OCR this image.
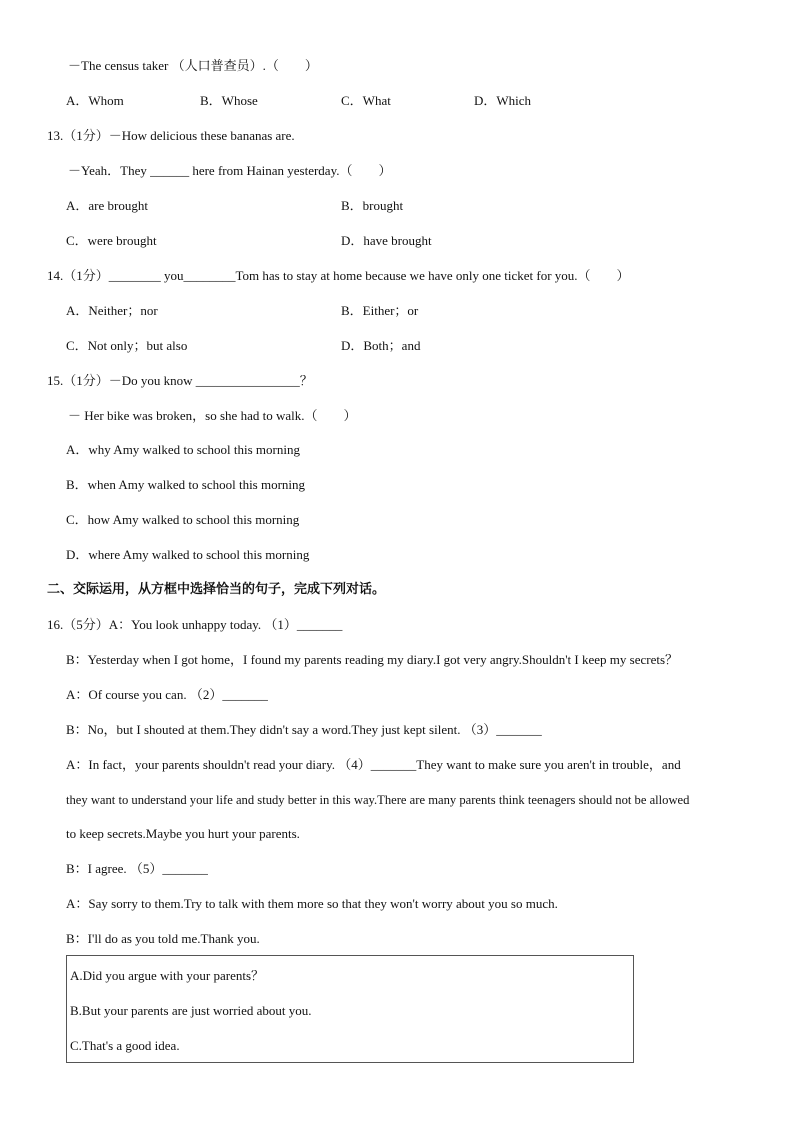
－The census taker （人口普查员）.（　　）
A．Whom	B．Whose	C．What	D．Which
13.（1分）－How delicious these bananas are.
－Yeah．They ______ here from Hainan yesterday.（　　）
A．are brought	B．brought
C．were brought	D．have brought
14.（1分）________ you________Tom has to stay at home because we have only one ticket for you.（　　）
A．Neither；nor	B．Either；or
C．Not only；but also	D．Both；and
15.（1分）－Do you know ________________？
－ Her bike was broken，so she had to walk.（　　）
A．why Amy walked to school this morning
B．when Amy walked to school this morning
C．how Amy walked to school this morning
D．where Amy walked to school this morning
二、交际运用，从方框中选择恰当的句子，完成下列对话。
16.（5分）A：You look unhappy today. （1）_______
B：Yesterday when I got home，I found my parents reading my diary.I got very angry.Shouldn't I keep my secrets？
A：Of course you can. （2）_______
B：No，but I shouted at them.They didn't say a word.They just kept silent. （3）_______
A：In fact，your parents shouldn't read your diary. （4）_______They want to make sure you aren't in trouble，and
they want to understand your life and study better in this way.There are many parents think teenagers should not be allowed
to keep secrets.Maybe you hurt your parents.
B：I agree. （5）_______
A：Say sorry to them.Try to talk with them more so that they won't worry about you so much.
B：I'll do as you told me.Thank you.
A.Did you argue with your parents？
B.But your parents are just worried about you.
C.That's a good idea.
